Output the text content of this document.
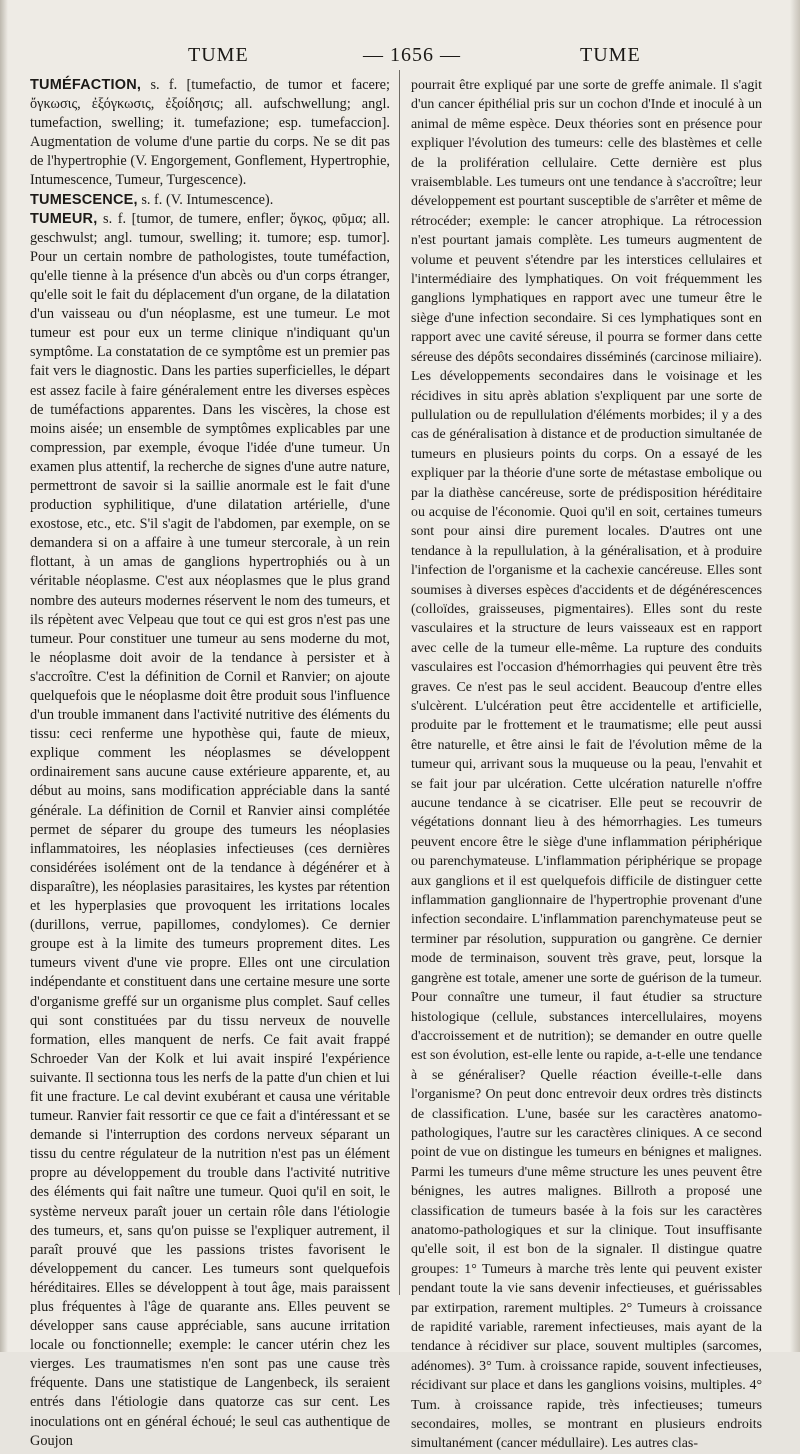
TUME	— 1656 —	TUME

TUMÉFACTION, s. f. [tumefactio, de tumor et facere; ὄγκωσις, ἐξόγκωσις, ἐξοίδησις; all. aufschwellung; angl. tumefaction, swelling; it. tumefazione; esp. tumefaccion]. Augmentation de volume d'une partie du corps. Ne se dit pas de l'hypertrophie (V. Engorgement, Gonflement, Hypertrophie, Intumescence, Tumeur, Turgescence).

TUMESCENCE, s. f. (V. Intumescence).

TUMEUR, s. f. [tumor, de tumere, enfler; ὄγκος, φῦμα; all. geschwulst; angl. tumour, swelling; it. tumore; esp. tumor]. Pour un certain nombre de pathologistes, toute tuméfaction, qu'elle tienne à la présence d'un abcès ou d'un corps étranger, qu'elle soit le fait du déplacement d'un organe, de la dilatation d'un vaisseau ou d'un néoplasme, est une tumeur. Le mot tumeur est pour eux un terme clinique n'indiquant qu'un symptôme. La constatation de ce symptôme est un premier pas fait vers le diagnostic. Dans les parties superficielles, le départ est assez facile à faire généralement entre les diverses espèces de tuméfactions apparentes. Dans les viscères, la chose est moins aisée; un ensemble de symptômes explicables par une compression, par exemple, évoque l'idée d'une tumeur. Un examen plus attentif, la recherche de signes d'une autre nature, permettront de savoir si la saillie anormale est le fait d'une production syphilitique, d'une dilatation artérielle, d'une exostose, etc., etc. S'il s'agit de l'abdomen, par exemple, on se demandera si on a affaire à une tumeur stercorale, à un rein flottant, à un amas de ganglions hypertrophiés ou à un véritable néoplasme. C'est aux néoplasmes que le plus grand nombre des auteurs modernes réservent le nom des tumeurs, et ils répètent avec Velpeau que tout ce qui est gros n'est pas une tumeur. Pour constituer une tumeur au sens moderne du mot, le néoplasme doit avoir de la tendance à persister et à s'accroître. C'est la définition de Cornil et Ranvier; on ajoute quelquefois que le néoplasme doit être produit sous l'influence d'un trouble immanent dans l'activité nutritive des éléments du tissu: ceci renferme une hypothèse qui, faute de mieux, explique comment les néoplasmes se développent ordinairement sans aucune cause extérieure apparente, et, au début au moins, sans modification appréciable dans la santé générale. La définition de Cornil et Ranvier ainsi complétée permet de séparer du groupe des tumeurs les néoplasies inflammatoires, les néoplasies infectieuses (ces dernières considérées isolément ont de la tendance à dégénérer et à disparaître), les néoplasies parasitaires, les kystes par rétention et les hyperplasies que provoquent les irritations locales (durillons, verrue, papillomes, condylomes). Ce dernier groupe est à la limite des tumeurs proprement dites. Les tumeurs vivent d'une vie propre. Elles ont une circulation indépendante et constituent dans une certaine mesure une sorte d'organisme greffé sur un organisme plus complet. Sauf celles qui sont constituées par du tissu nerveux de nouvelle formation, elles manquent de nerfs. Ce fait avait frappé Schroeder Van der Kolk et lui avait inspiré l'expérience suivante. Il sectionna tous les nerfs de la patte d'un chien et lui fit une fracture. Le cal devint exubérant et causa une véritable tumeur. Ranvier fait ressortir ce que ce fait a d'intéressant et se demande si l'interruption des cordons nerveux séparant un tissu du centre régulateur de la nutrition n'est pas un élément propre au développement du trouble dans l'activité nutritive des éléments qui fait naître une tumeur. Quoi qu'il en soit, le système nerveux paraît jouer un certain rôle dans l'étiologie des tumeurs, et, sans qu'on puisse se l'expliquer autrement, il paraît prouvé que les passions tristes favorisent le développement du cancer. Les tumeurs sont quelquefois héréditaires. Elles se développent à tout âge, mais paraissent plus fréquentes à l'âge de quarante ans. Elles peuvent se développer sans cause appréciable, sans aucune irritation locale ou fonctionnelle; exemple: le cancer utérin chez les vierges. Les traumatismes n'en sont pas une cause très fréquente. Dans une statistique de Langenbeck, ils seraient entrés dans l'étiologie dans quatorze cas sur cent. Les inoculations ont en général échoué; le seul cas authentique de Goujon

pourrait être expliqué par une sorte de greffe animale. Il s'agit d'un cancer épithélial pris sur un cochon d'Inde et inoculé à un animal de même espèce. Deux théories sont en présence pour expliquer l'évolution des tumeurs: celle des blastèmes et celle de la prolifération cellulaire. Cette dernière est plus vraisemblable. Les tumeurs ont une tendance à s'accroître; leur développement est pourtant susceptible de s'arrêter et même de rétrocéder; exemple: le cancer atrophique. La rétrocession n'est pourtant jamais complète. Les tumeurs augmentent de volume et peuvent s'étendre par les interstices cellulaires et l'intermédiaire des lymphatiques. On voit fréquemment les ganglions lymphatiques en rapport avec une tumeur être le siège d'une infection secondaire. Si ces lymphatiques sont en rapport avec une cavité séreuse, il pourra se former dans cette séreuse des dépôts secondaires disséminés (carcinose miliaire). Les développements secondaires dans le voisinage et les récidives in situ après ablation s'expliquent par une sorte de pullulation ou de repullulation d'éléments morbides; il y a des cas de généralisation à distance et de production simultanée de tumeurs en plusieurs points du corps. On a essayé de les expliquer par la théorie d'une sorte de métastase embolique ou par la diathèse cancéreuse, sorte de prédisposition héréditaire ou acquise de l'économie. Quoi qu'il en soit, certaines tumeurs sont pour ainsi dire purement locales. D'autres ont une tendance à la repullulation, à la généralisation, et à produire l'infection de l'organisme et la cachexie cancéreuse. Elles sont soumises à diverses espèces d'accidents et de dégénérescences (colloïdes, graisseuses, pigmentaires). Elles sont du reste vasculaires et la structure de leurs vaisseaux est en rapport avec celle de la tumeur elle-même. La rupture des conduits vasculaires est l'occasion d'hémorrhagies qui peuvent être très graves. Ce n'est pas le seul accident. Beaucoup d'entre elles s'ulcèrent. L'ulcération peut être accidentelle et artificielle, produite par le frottement et le traumatisme; elle peut aussi être naturelle, et être ainsi le fait de l'évolution même de la tumeur qui, arrivant sous la muqueuse ou la peau, l'envahit et se fait jour par ulcération. Cette ulcération naturelle n'offre aucune tendance à se cicatriser. Elle peut se recouvrir de végétations donnant lieu à des hémorrhagies. Les tumeurs peuvent encore être le siège d'une inflammation périphérique ou parenchymateuse. L'inflammation périphérique se propage aux ganglions et il est quelquefois difficile de distinguer cette inflammation ganglionnaire de l'hypertrophie provenant d'une infection secondaire. L'inflammation parenchymateuse peut se terminer par résolution, suppuration ou gangrène. Ce dernier mode de terminaison, souvent très grave, peut, lorsque la gangrène est totale, amener une sorte de guérison de la tumeur. Pour connaître une tumeur, il faut étudier sa structure histologique (cellule, substances intercellulaires, moyens d'accroissement et de nutrition); se demander en outre quelle est son évolution, est-elle lente ou rapide, a-t-elle une tendance à se généraliser? Quelle réaction éveille-t-elle dans l'organisme? On peut donc entrevoir deux ordres très distincts de classification. L'une, basée sur les caractères anatomo-pathologiques, l'autre sur les caractères cliniques. A ce second point de vue on distingue les tumeurs en bénignes et malignes. Parmi les tumeurs d'une même structure les unes peuvent être bénignes, les autres malignes. Billroth a proposé une classification de tumeurs basée à la fois sur les caractères anatomo-pathologiques et sur la clinique. Tout insuffisante qu'elle soit, il est bon de la signaler. Il distingue quatre groupes: 1° Tumeurs à marche très lente qui peuvent exister pendant toute la vie sans devenir infectieuses, et guérissables par extirpation, rarement multiples. 2° Tumeurs à croissance de rapidité variable, rarement infectieuses, mais ayant de la tendance à récidiver sur place, souvent multiples (sarcomes, adénomes). 3° Tum. à croissance rapide, souvent infectieuses, récidivant sur place et dans les ganglions voisins, multiples. 4° Tum. à croissance rapide, très infectieuses; tumeurs secondaires, molles, se montrant en plusieurs endroits simultanément (cancer médullaire). Les autres clas-
